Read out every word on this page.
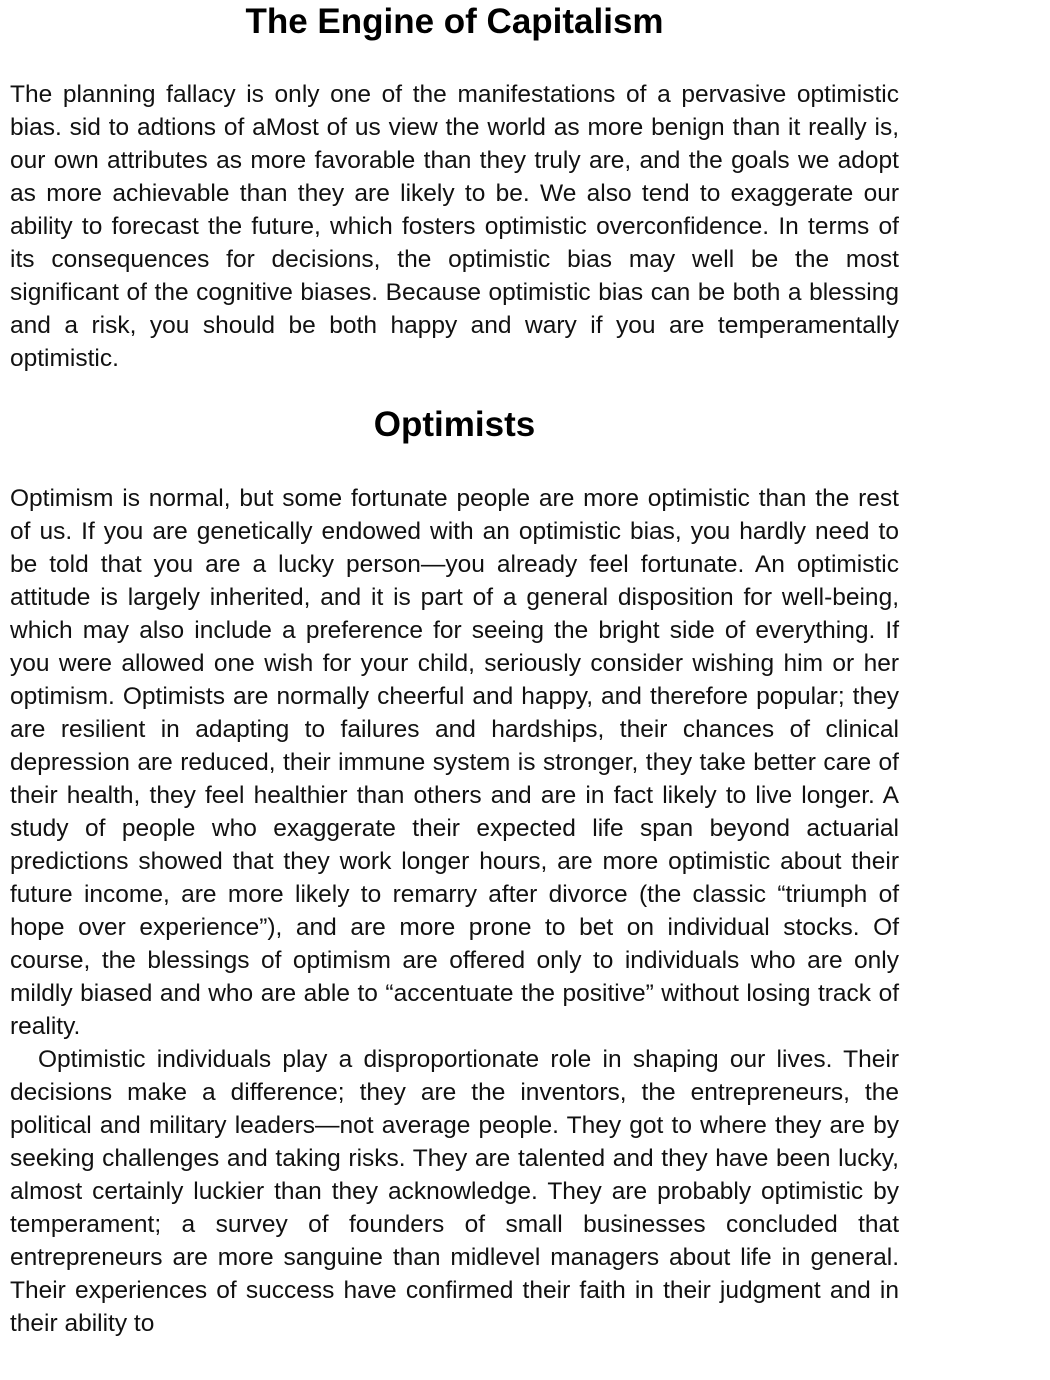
The Engine of Capitalism

The planning fallacy is only one of the manifestations of a pervasive optimistic bias. sid to adtions of aMost of us view the world as more benign than it really is, our own attributes as more favorable than they truly are, and the goals we adopt as more achievable than they are likely to be. We also tend to exaggerate our ability to forecast the future, which fosters optimistic overconfidence. In terms of its consequences for decisions, the optimistic bias may well be the most significant of the cognitive biases. Because optimistic bias can be both a blessing and a risk, you should be both happy and wary if you are temperamentally optimistic.

Optimists

Optimism is normal, but some fortunate people are more optimistic than the rest of us. If you are genetically endowed with an optimistic bias, you hardly need to be told that you are a lucky person—you already feel fortunate. An optimistic attitude is largely inherited, and it is part of a general disposition for well-being, which may also include a preference for seeing the bright side of everything. If you were allowed one wish for your child, seriously consider wishing him or her optimism. Optimists are normally cheerful and happy, and therefore popular; they are resilient in adapting to failures and hardships, their chances of clinical depression are reduced, their immune system is stronger, they take better care of their health, they feel healthier than others and are in fact likely to live longer. A study of people who exaggerate their expected life span beyond actuarial predictions showed that they work longer hours, are more optimistic about their future income, are more likely to remarry after divorce (the classic “triumph of hope over experience”), and are more prone to bet on individual stocks. Of course, the blessings of optimism are offered only to individuals who are only mildly biased and who are able to “accentuate the positive” without losing track of reality.

Optimistic individuals play a disproportionate role in shaping our lives. Their decisions make a difference; they are the inventors, the entrepreneurs, the political and military leaders—not average people. They got to where they are by seeking challenges and taking risks. They are talented and they have been lucky, almost certainly luckier than they acknowledge. They are probably optimistic by temperament; a survey of founders of small businesses concluded that entrepreneurs are more sanguine than midlevel managers about life in general. Their experiences of success have confirmed their faith in their judgment and in their ability to
